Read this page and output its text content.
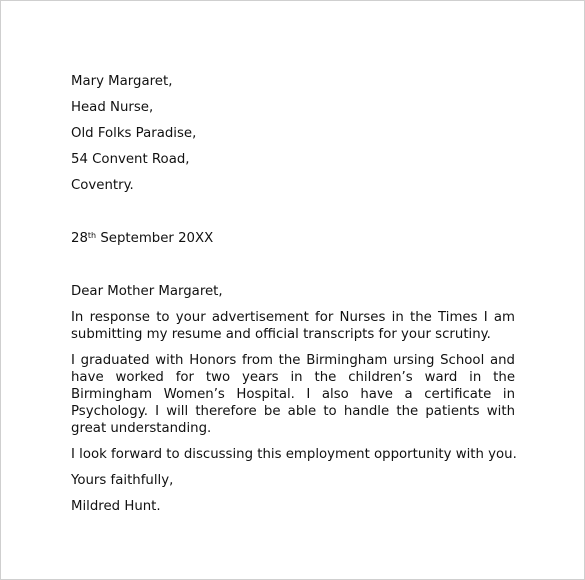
Mary Margaret,
Head Nurse,
Old Folks Paradise,
54 Convent Road,
Coventry.
28th September 20XX
Dear Mother Margaret,
In response to your advertisement for Nurses in the Times I am submitting my resume and official transcripts for your scrutiny.
I graduated with Honors from the Birmingham ursing School and have worked for two years in the children’s ward in the Birmingham Women’s Hospital. I also have a certificate in Psychology. I will therefore be able to handle the patients with great understanding.
I look forward to discussing this employment opportunity with you.
Yours faithfully,
Mildred Hunt.
